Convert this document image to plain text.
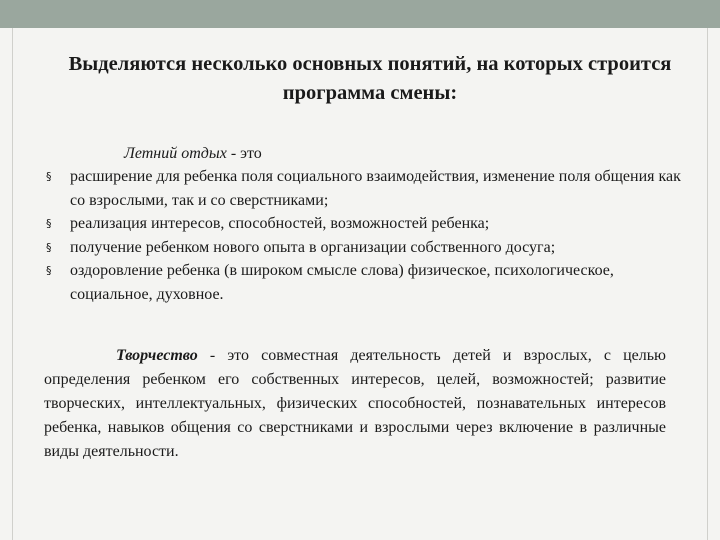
Выделяются несколько основных понятий, на которых строится программа смены:
Летний отдых - это
§ расширение для ребенка поля социального взаимодействия, изменение поля общения как со взрослыми, так и со сверстниками;
§ реализация интересов, способностей, возможностей ребенка;
§ получение ребенком нового опыта в организации собственного досуга;
§ оздоровление ребенка (в широком смысле слова) физическое, психологическое, социальное, духовное.
Творчество - это совместная деятельность детей и взрослых, с целью определения ребенком его собственных интересов, целей, возможностей; развитие творческих, интеллектуальных, физических способностей, познавательных интересов ребенка, навыков общения со сверстниками и взрослыми через включение в различные виды деятельности.
